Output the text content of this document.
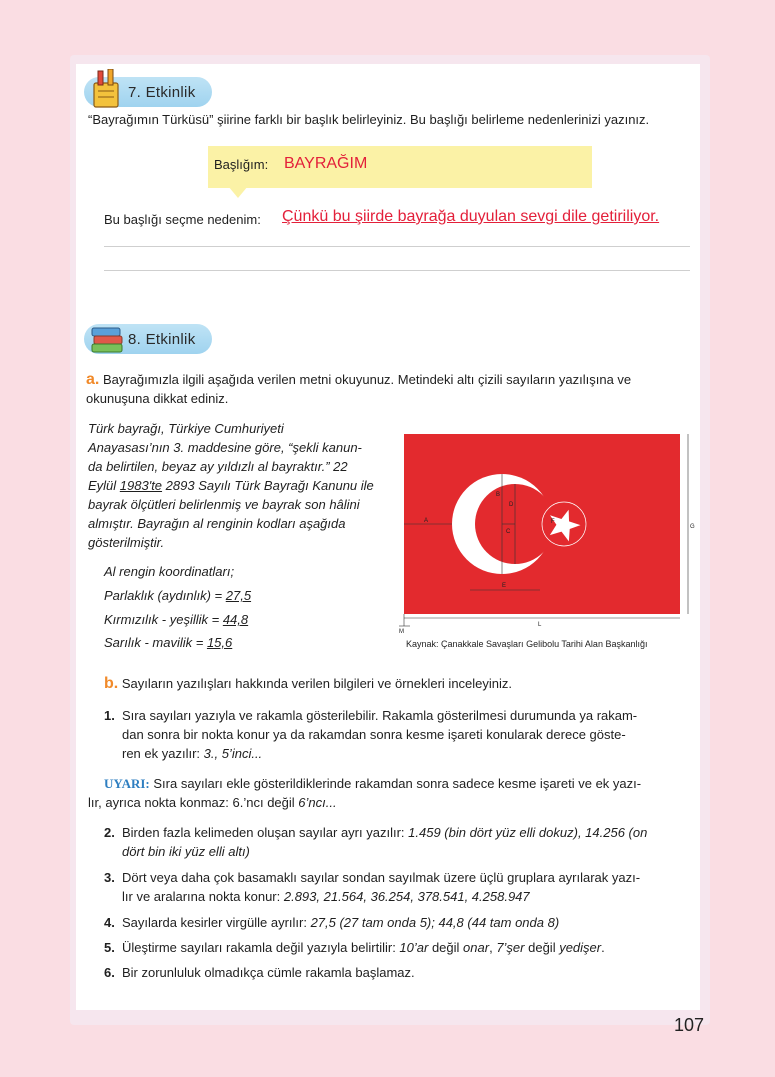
7. Etkinlik
“Bayrağımın Türküsü” şiirine farklı bir başlık belirleyiniz. Bu başlığı belirleme nedenlerinizi yazınız.
Başlığım: BAYRAĞIM
Bu başlığı seçme nedenim: Çünkü bu şiirde bayrağa duyulan sevgi dile getiriliyor.
8. Etkinlik
a. Bayrağımızla ilgili aşağıda verilen metni okuyunuz. Metindeki altı çizili sayıların yazılışına ve okunuşuna dikkat ediniz.
Türk bayrağı, Türkiye Cumhuriyeti
Anayasası’nın 3. maddesine göre, “şekli kanun-
da belirtilen, beyaz ay yıldızlı al bayraktır.” 22
Eylül 1983'te 2893 Sayılı Türk Bayrağı Kanunu ile
bayrak ölçütleri belirlenmiş ve bayrak son hâlini
almıştır. Bayrağın al renginin kodları aşağıda
gösterilmiştir.
Al rengin koordinatları;
Parlaklık (aydınlık) = 27,5
Kırmızılık - yeşillik = 44,8
Sarılık - mavilik = 15,6
A
B
C
D
E
F
G
L
M
Kaynak: Çanakkale Savaşları Gelibolu Tarihi Alan Başkanlığı
b. Sayıların yazılışları hakkında verilen bilgileri ve örnekleri inceleyiniz.
1. Sıra sayıları yazıyla ve rakamla gösterilebilir. Rakamla gösterilmesi durumunda ya rakam-
dan sonra bir nokta konur ya da rakamdan sonra kesme işareti konularak derece göste-
ren ek yazılır: 3., 5’inci...
UYARI: Sıra sayıları ekle gösterildiklerinde rakamdan sonra sadece kesme işareti ve ek yazı-
lır, ayrıca nokta konmaz: 6.’ncı değil 6’ncı...
2. Birden fazla kelimeden oluşan sayılar ayrı yazılır: 1.459 (bin dört yüz elli dokuz), 14.256 (on
dört bin iki yüz elli altı)
3. Dört veya daha çok basamaklı sayılar sondan sayılmak üzere üçlü gruplara ayrılarak yazı-
lır ve aralarına nokta konur: 2.893, 21.564, 36.254, 378.541, 4.258.947
4. Sayılarda kesirler virgülle ayrılır: 27,5 (27 tam onda 5); 44,8 (44 tam onda 8)
5. Üleştirme sayıları rakamla değil yazıyla belirtilir: 10’ar değil onar, 7’şer değil yedişer.
6. Bir zorunluluk olmadıkça cümle rakamla başlamaz.
107
